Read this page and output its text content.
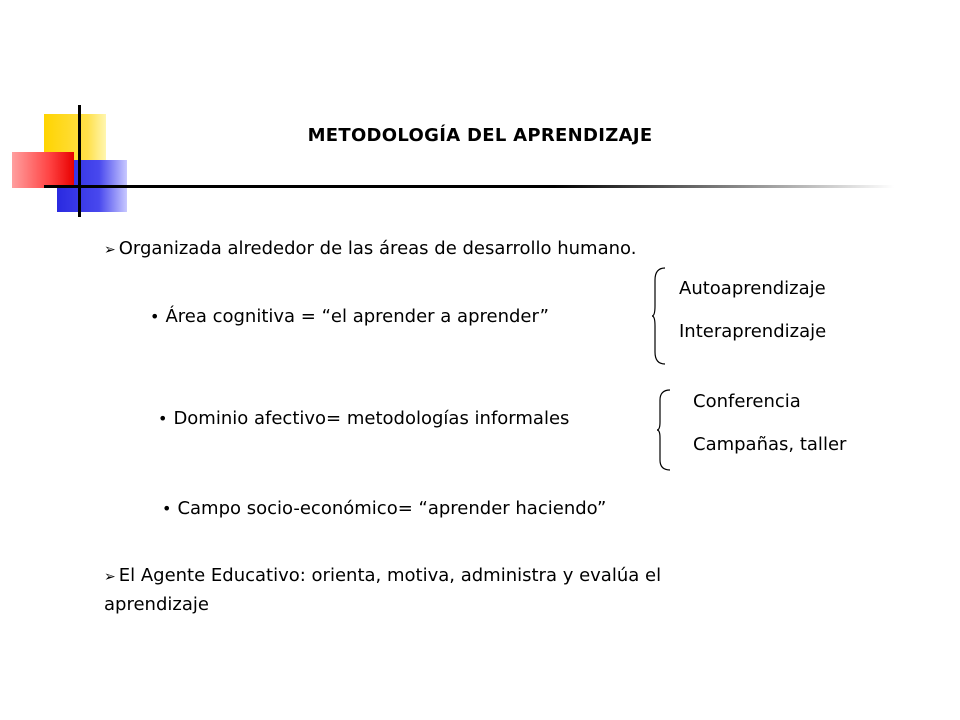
METODOLOGÍA DEL APRENDIZAJE
➢ Organizada alrededor de las áreas de desarrollo humano.
• Área cognitiva = “el aprender a aprender”
Autoaprendizaje
Interaprendizaje
• Dominio afectivo= metodologías informales
Conferencia
Campañas, taller
• Campo socio-económico= “aprender haciendo”
➢ El Agente Educativo: orienta, motiva, administra y evalúa el
aprendizaje
